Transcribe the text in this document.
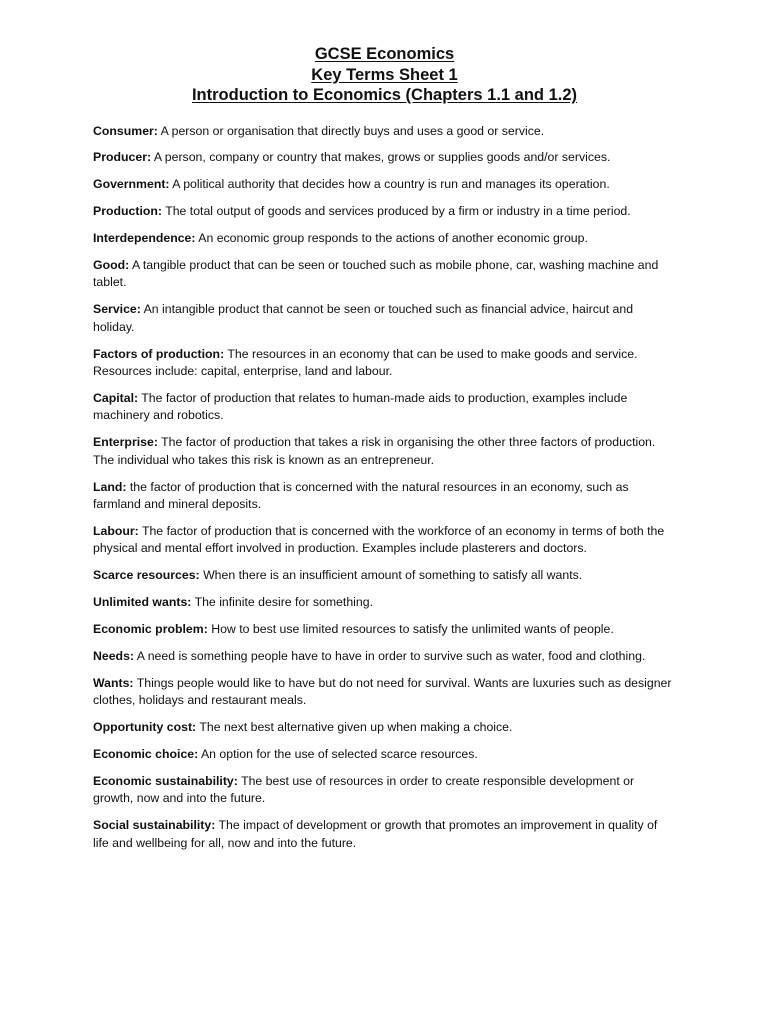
GCSE Economics
Key Terms Sheet 1
Introduction to Economics (Chapters 1.1 and 1.2)

Consumer: A person or organisation that directly buys and uses a good or service.

Producer: A person, company or country that makes, grows or supplies goods and/or services.

Government: A political authority that decides how a country is run and manages its operation.

Production: The total output of goods and services produced by a firm or industry in a time period.

Interdependence: An economic group responds to the actions of another economic group.

Good: A tangible product that can be seen or touched such as mobile phone, car, washing machine and tablet.

Service: An intangible product that cannot be seen or touched such as financial advice, haircut and holiday.

Factors of production: The resources in an economy that can be used to make goods and service. Resources include: capital, enterprise, land and labour.

Capital: The factor of production that relates to human-made aids to production, examples include machinery and robotics.

Enterprise: The factor of production that takes a risk in organising the other three factors of production. The individual who takes this risk is known as an entrepreneur.

Land: the factor of production that is concerned with the natural resources in an economy, such as farmland and mineral deposits.

Labour: The factor of production that is concerned with the workforce of an economy in terms of both the physical and mental effort involved in production. Examples include plasterers and doctors.

Scarce resources: When there is an insufficient amount of something to satisfy all wants.

Unlimited wants: The infinite desire for something.

Economic problem: How to best use limited resources to satisfy the unlimited wants of people.

Needs: A need is something people have to have in order to survive such as water, food and clothing.

Wants: Things people would like to have but do not need for survival. Wants are luxuries such as designer clothes, holidays and restaurant meals.

Opportunity cost: The next best alternative given up when making a choice.

Economic choice: An option for the use of selected scarce resources.

Economic sustainability: The best use of resources in order to create responsible development or growth, now and into the future.

Social sustainability: The impact of development or growth that promotes an improvement in quality of life and wellbeing for all, now and into the future.
